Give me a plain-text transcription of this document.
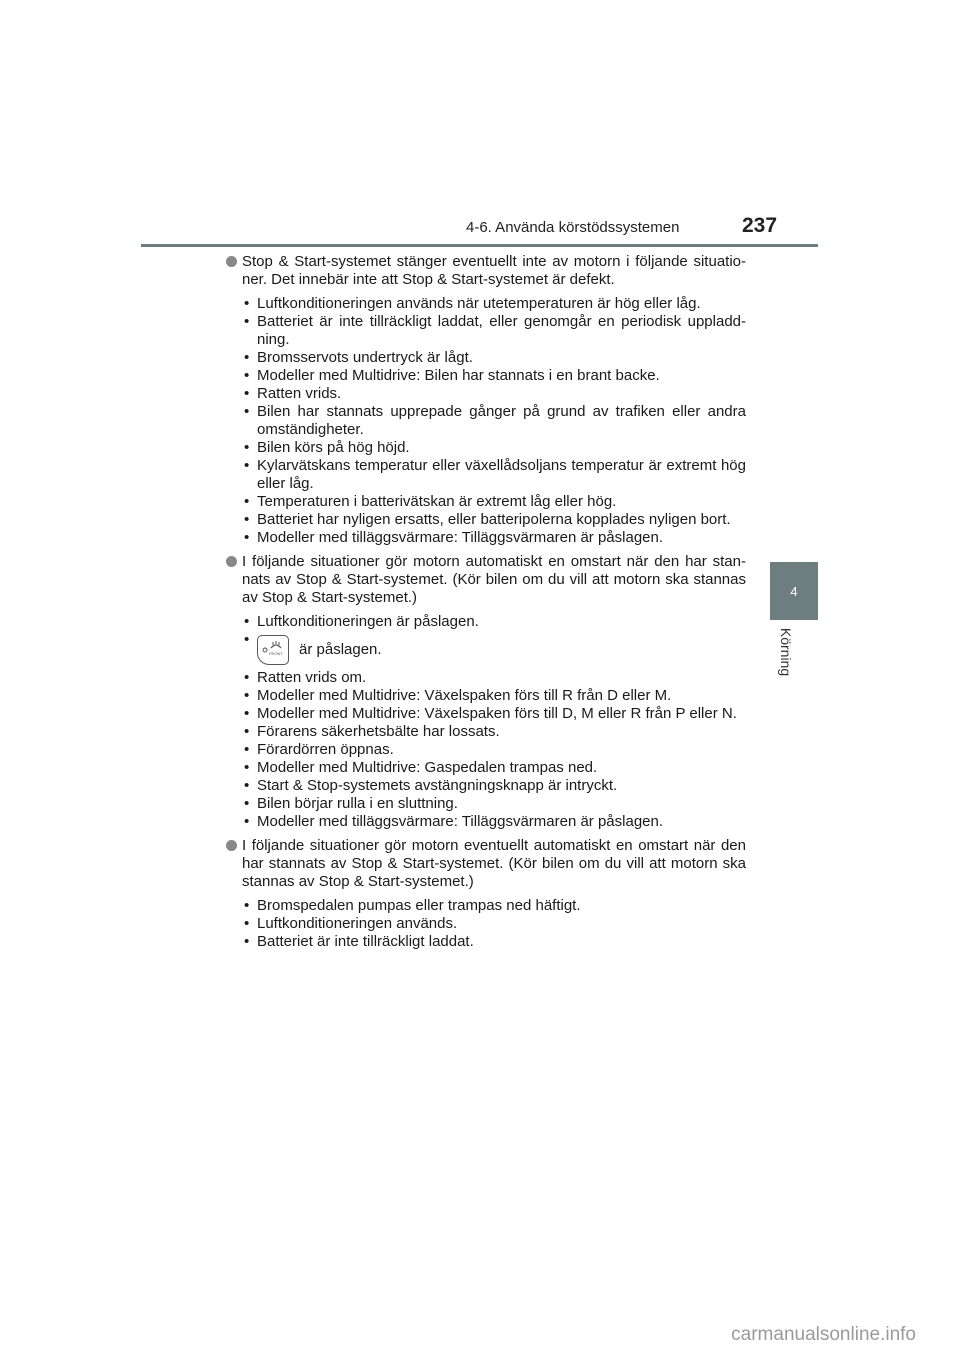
4-6. Använda körstödssystemen	237
4
Körning
Stop & Start-systemet stänger eventuellt inte av motorn i följande situatio-ner. Det innebär inte att Stop & Start-systemet är defekt.
• Luftkonditioneringen används när utetemperaturen är hög eller låg.
• Batteriet är inte tillräckligt laddat, eller genomgår en periodisk uppladd-ning.
• Bromsservots undertryck är lågt.
• Modeller med Multidrive: Bilen har stannats i en brant backe.
• Ratten vrids.
• Bilen har stannats upprepade gånger på grund av trafiken eller andra omständigheter.
• Bilen körs på hög höjd.
• Kylarvätskans temperatur eller växellådsoljans temperatur är extremt hög eller låg.
• Temperaturen i batterivätskan är extremt låg eller hög.
• Batteriet har nyligen ersatts, eller batteripolerna kopplades nyligen bort.
• Modeller med tilläggsvärmare: Tilläggsvärmaren är påslagen.
I följande situationer gör motorn automatiskt en omstart när den har stan-nats av Stop & Start-systemet. (Kör bilen om du vill att motorn ska stannas av Stop & Start-systemet.)
• Luftkonditioneringen är påslagen.
• FRONT är påslagen.
• Ratten vrids om.
• Modeller med Multidrive: Växelspaken förs till R från D eller M.
• Modeller med Multidrive: Växelspaken förs till D, M eller R från P eller N.
• Förarens säkerhetsbälte har lossats.
• Förardörren öppnas.
• Modeller med Multidrive: Gaspedalen trampas ned.
• Start & Stop-systemets avstängningsknapp är intryckt.
• Bilen börjar rulla i en sluttning.
• Modeller med tilläggsvärmare: Tilläggsvärmaren är påslagen.
I följande situationer gör motorn eventuellt automatiskt en omstart när den har stannats av Stop & Start-systemet. (Kör bilen om du vill att motorn ska stannas av Stop & Start-systemet.)
• Bromspedalen pumpas eller trampas ned häftigt.
• Luftkonditioneringen används.
• Batteriet är inte tillräckligt laddat.
carmanualsonline.info
